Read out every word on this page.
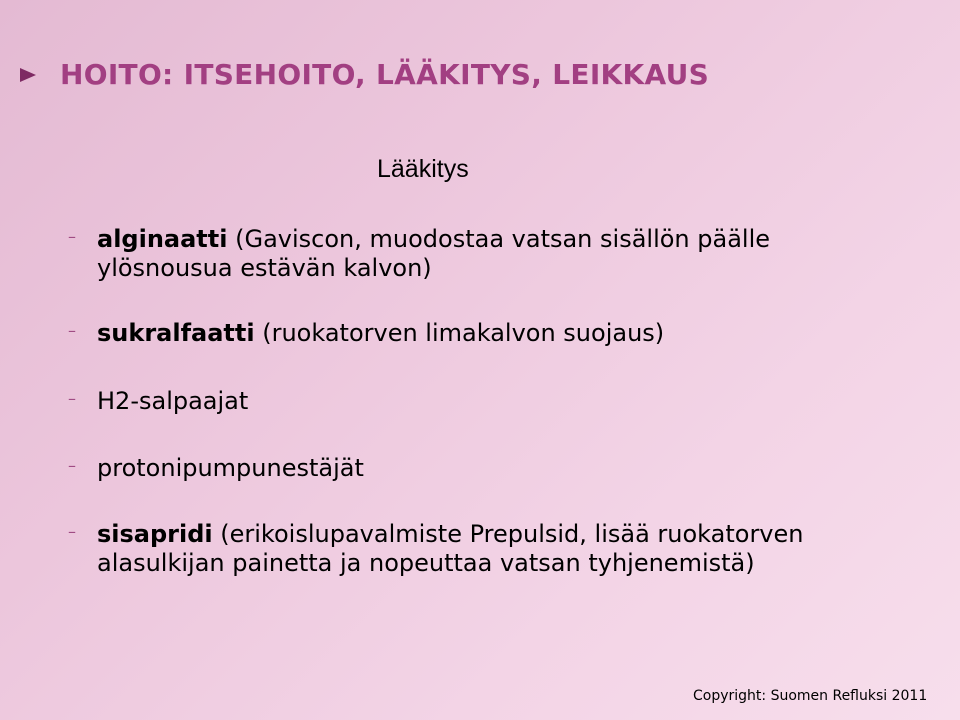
HOITO: ITSEHOITO, LÄÄKITYS, LEIKKAUS
Lääkitys
– alginaatti (Gaviscon, muodostaa vatsan sisällön päälle ylösnousua estävän kalvon)
– sukralfaatti (ruokatorven limakalvon suojaus)
– H2-salpaajat
– protonipumpunestäjät
– sisapridi (erikoislupavalmiste Prepulsid, lisää ruokatorven alasulkijan painetta ja nopeuttaa vatsan tyhjenemistä)
Copyright: Suomen Refluksi 2011
